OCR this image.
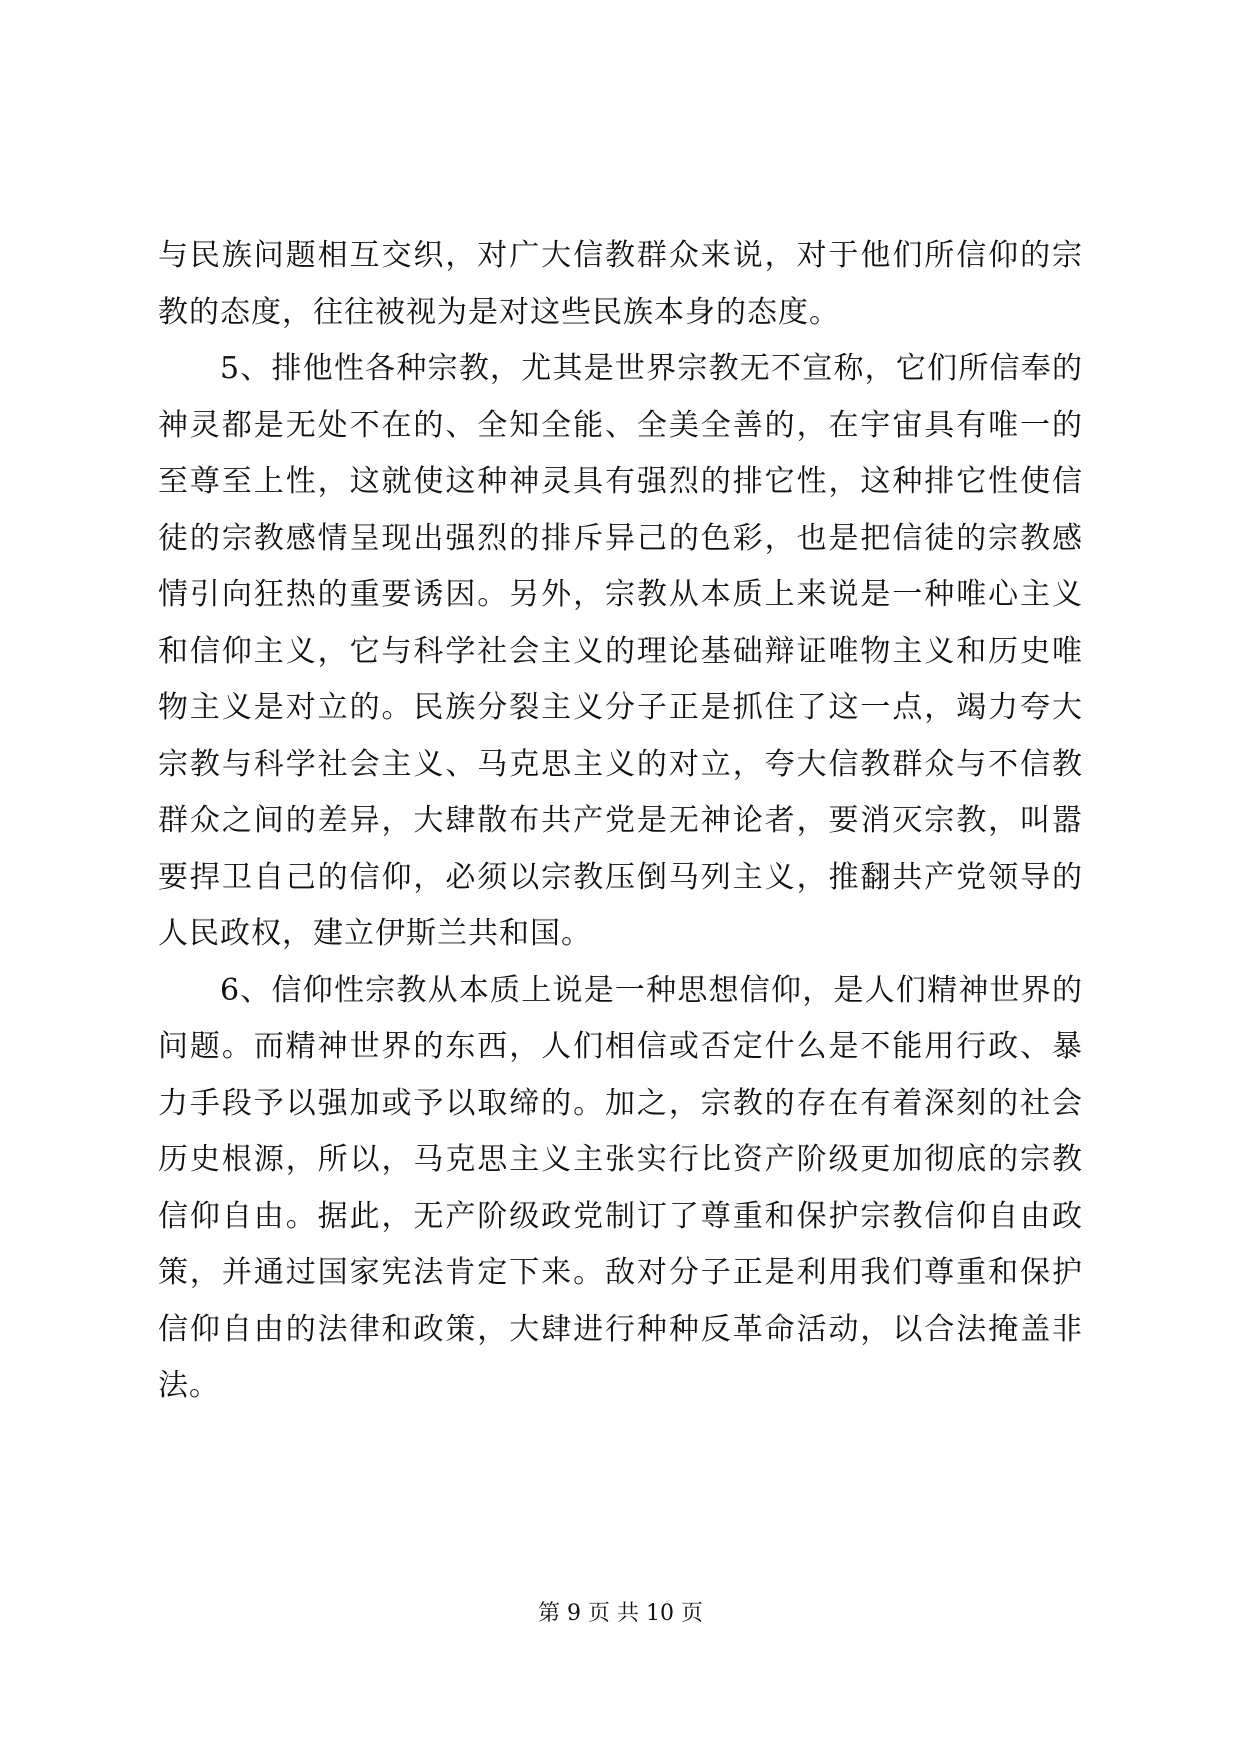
与民族问题相互交织，对广大信教群众来说，对于他们所信仰的宗教的态度，往往被视为是对这些民族本身的态度。

5、排他性各种宗教，尤其是世界宗教无不宣称，它们所信奉的神灵都是无处不在的、全知全能、全美全善的，在宇宙具有唯一的至尊至上性，这就使这种神灵具有强烈的排它性，这种排它性使信徒的宗教感情呈现出强烈的排斥异己的色彩，也是把信徒的宗教感情引向狂热的重要诱因。另外，宗教从本质上来说是一种唯心主义和信仰主义，它与科学社会主义的理论基础辩证唯物主义和历史唯物主义是对立的。民族分裂主义分子正是抓住了这一点，竭力夸大宗教与科学社会主义、马克思主义的对立，夸大信教群众与不信教群众之间的差异，大肆散布共产党是无神论者，要消灭宗教，叫嚣要捍卫自己的信仰，必须以宗教压倒马列主义，推翻共产党领导的人民政权，建立伊斯兰共和国。

6、信仰性宗教从本质上说是一种思想信仰，是人们精神世界的问题。而精神世界的东西，人们相信或否定什么是不能用行政、暴力手段予以强加或予以取缔的。加之，宗教的存在有着深刻的社会历史根源，所以，马克思主义主张实行比资产阶级更加彻底的宗教信仰自由。据此，无产阶级政党制订了尊重和保护宗教信仰自由政策，并通过国家宪法肯定下来。敌对分子正是利用我们尊重和保护信仰自由的法律和政策，大肆进行种种反革命活动，以合法掩盖非法。

第 9 页 共 10 页
